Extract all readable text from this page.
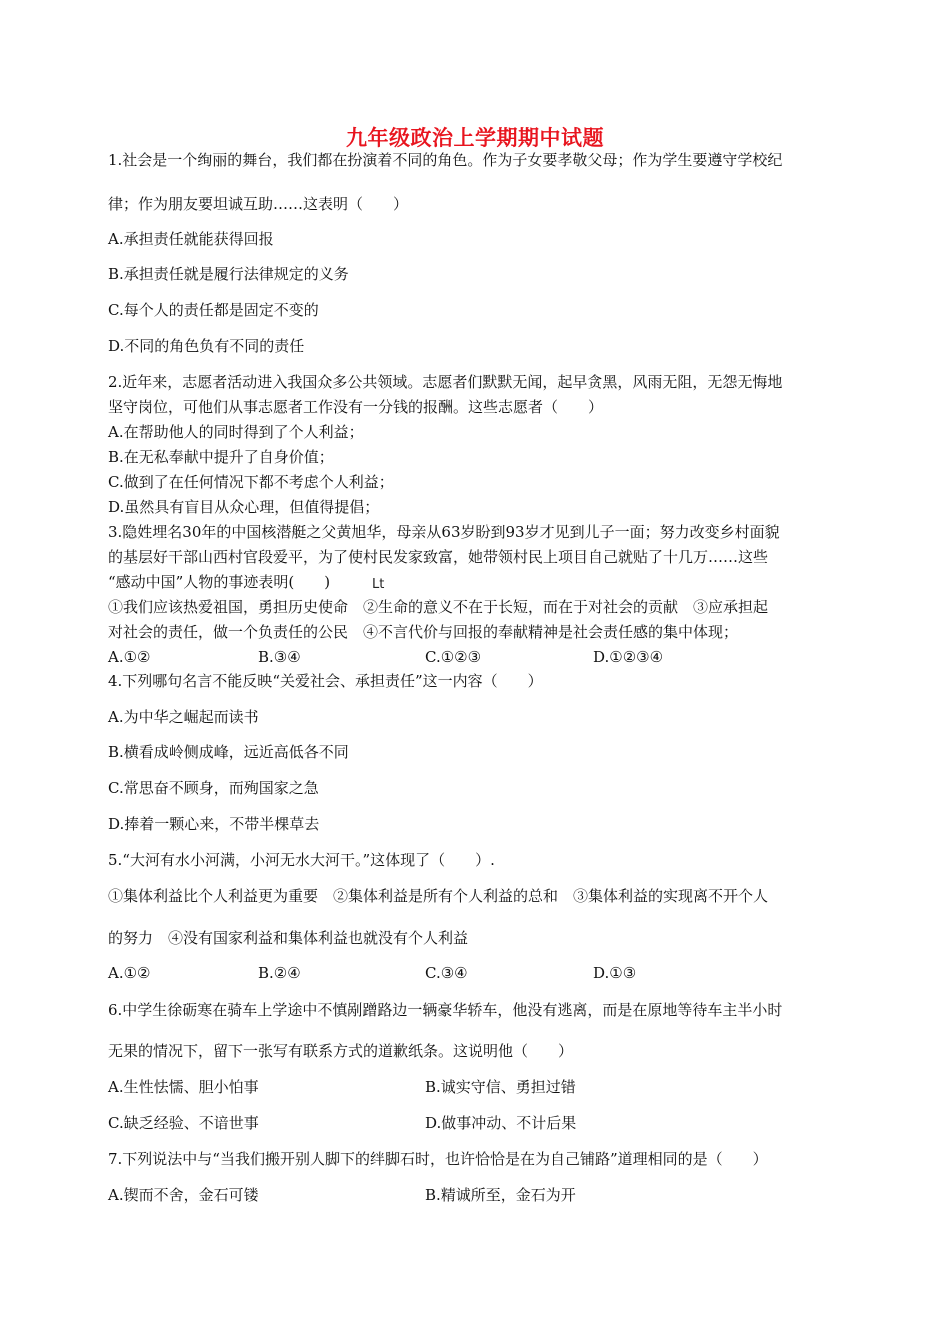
九年级政治上学期期中试题
1.社会是一个绚丽的舞台，我们都在扮演着不同的角色。作为子女要孝敬父母；作为学生要遵守学校纪
律；作为朋友要坦诚互助……这表明（　　）
A.承担责任就能获得回报
B.承担责任就是履行法律规定的义务
C.每个人的责任都是固定不变的
D.不同的角色负有不同的责任
2.近年来，志愿者活动进入我国众多公共领域。志愿者们默默无闻，起早贪黑，风雨无阻，无怨无悔地
坚守岗位，可他们从事志愿者工作没有一分钱的报酬。这些志愿者（　　）
A.在帮助他人的同时得到了个人利益；
B.在无私奉献中提升了自身价值；
C.做到了在任何情况下都不考虑个人利益；
D.虽然具有盲目从众心理，但值得提倡；
3.隐姓埋名30年的中国核潜艇之父黄旭华，母亲从63岁盼到93岁才见到儿子一面；努力改变乡村面貌
的基层好干部山西村官段爱平，为了使村民发家致富，她带领村民上项目自己就贴了十几万……这些
“感动中国”人物的事迹表明(　　)	Lt
①我们应该热爱祖国，勇担历史使命　②生命的意义不在于长短，而在于对社会的贡献　③应承担起
对社会的责任，做一个负责任的公民　④不言代价与回报的奉献精神是社会责任感的集中体现；
A.①②	B.③④	C.①②③	D.①②③④
4.下列哪句名言不能反映“关爱社会、承担责任”这一内容（　　）
A.为中华之崛起而读书
B.横看成岭侧成峰，远近高低各不同
C.常思奋不顾身，而殉国家之急
D.捧着一颗心来，不带半棵草去
5.“大河有水小河满，小河无水大河干。”这体现了（　　）.
①集体利益比个人利益更为重要　②集体利益是所有个人利益的总和　③集体利益的实现离不开个人
的努力　④没有国家利益和集体利益也就没有个人利益
A.①②	B.②④	C.③④	D.①③
6.中学生徐砺寒在骑车上学途中不慎剐蹭路边一辆豪华轿车，他没有逃离，而是在原地等待车主半小时
无果的情况下，留下一张写有联系方式的道歉纸条。这说明他（　　）
A.生性怯懦、胆小怕事	B.诚实守信、勇担过错
C.缺乏经验、不谙世事	D.做事冲动、不计后果
7.下列说法中与“当我们搬开别人脚下的绊脚石时，也许恰恰是在为自己铺路”道理相同的是（　　）
A.锲而不舍，金石可镂	B.精诚所至，金石为开
